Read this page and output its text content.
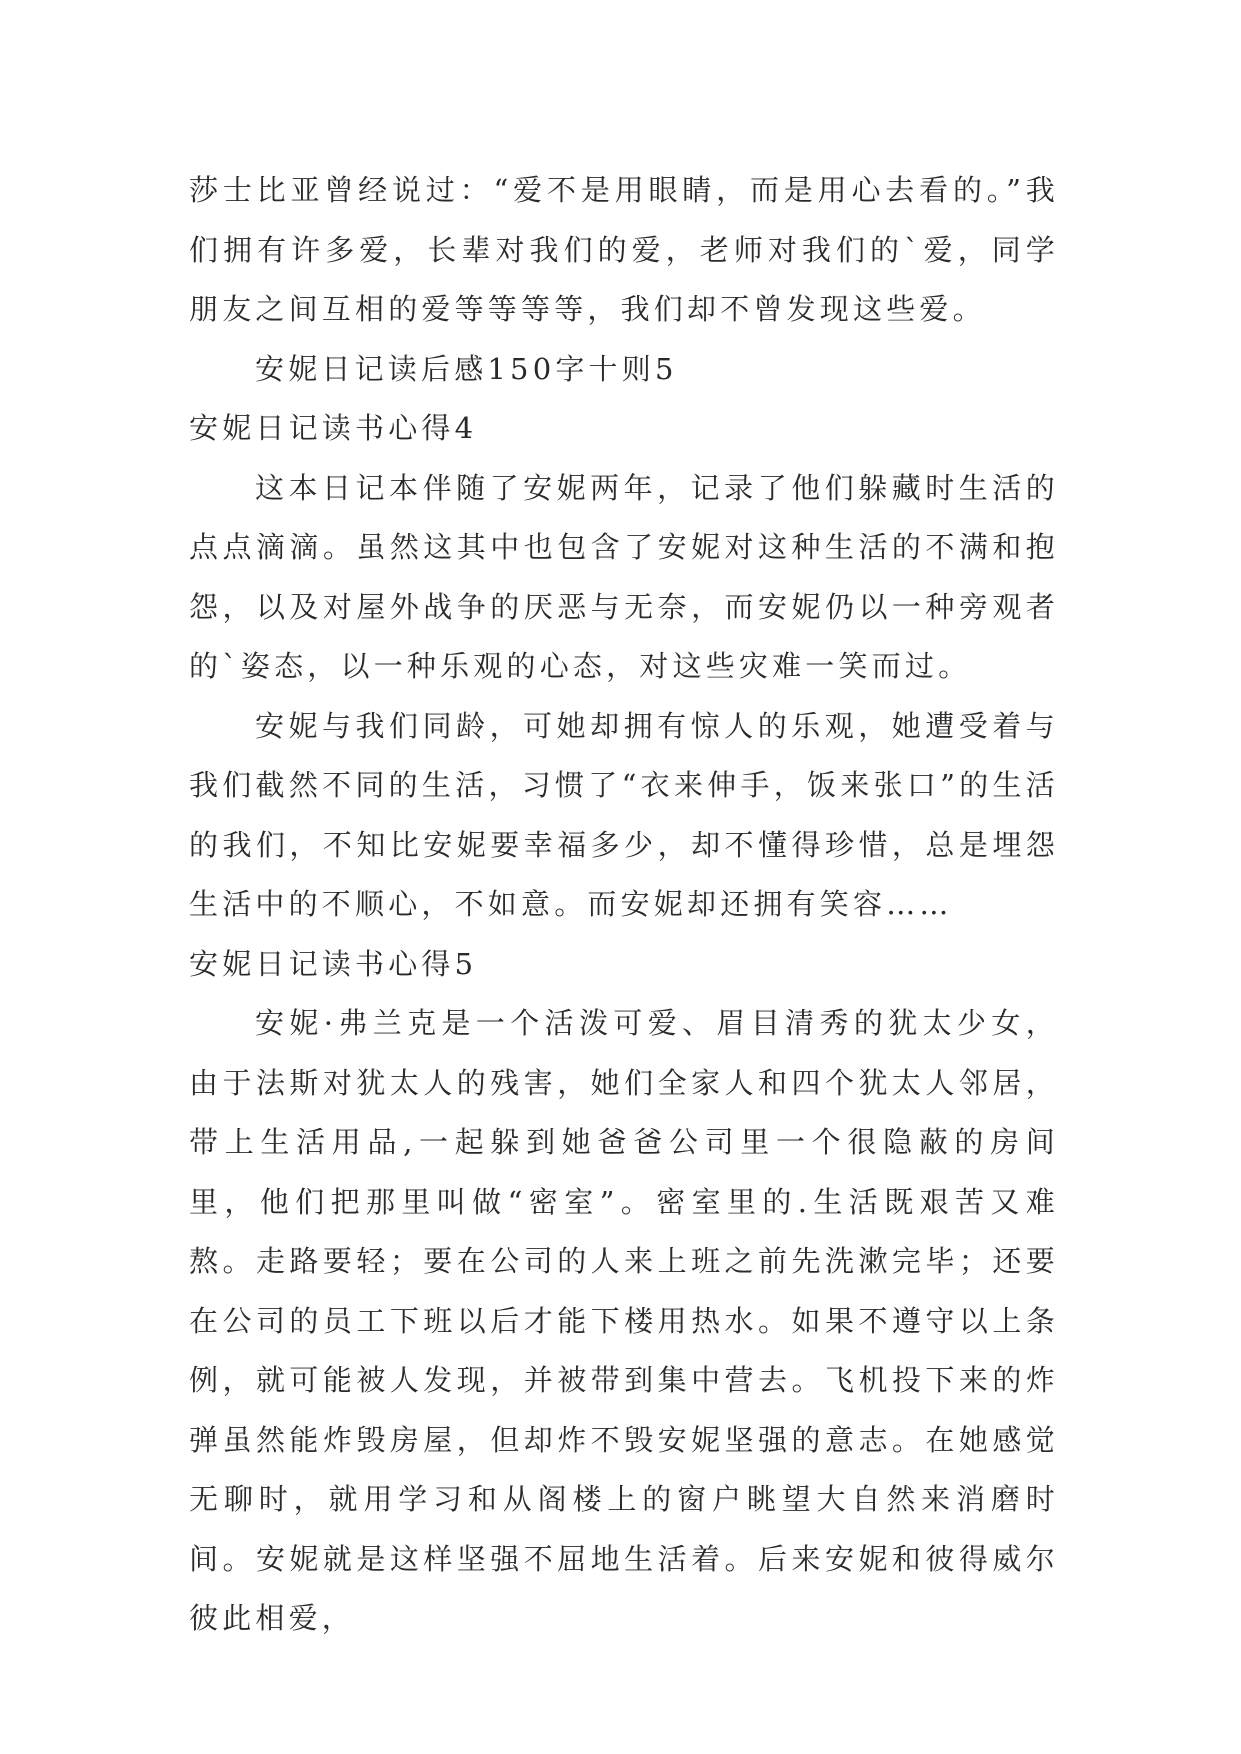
莎士比亚曾经说过：“爱不是用眼睛，而是用心去看的。”我们拥有许多爱，长辈对我们的爱，老师对我们的`爱，同学朋友之间互相的爱等等等等，我们却不曾发现这些爱。

安妮日记读后感150字十则5

安妮日记读书心得4

这本日记本伴随了安妮两年，记录了他们躲藏时生活的点点滴滴。虽然这其中也包含了安妮对这种生活的不满和抱怨，以及对屋外战争的厌恶与无奈，而安妮仍以一种旁观者的`姿态，以一种乐观的心态，对这些灾难一笑而过。

安妮与我们同龄，可她却拥有惊人的乐观，她遭受着与我们截然不同的生活，习惯了“衣来伸手，饭来张口”的生活的我们，不知比安妮要幸福多少，却不懂得珍惜，总是埋怨生活中的不顺心，不如意。而安妮却还拥有笑容……

安妮日记读书心得5

安妮·弗兰克是一个活泼可爱、眉目清秀的犹太少女，由于法斯对犹太人的残害，她们全家人和四个犹太人邻居，带上生活用品,一起躲到她爸爸公司里一个很隐蔽的房间里，他们把那里叫做“密室”。密室里的.生活既艰苦又难熬。走路要轻；要在公司的人来上班之前先洗漱完毕；还要在公司的员工下班以后才能下楼用热水。如果不遵守以上条例，就可能被人发现，并被带到集中营去。飞机投下来的炸弹虽然能炸毁房屋，但却炸不毁安妮坚强的意志。在她感觉无聊时，就用学习和从阁楼上的窗户眺望大自然来消磨时间。安妮就是这样坚强不屈地生活着。后来安妮和彼得威尔彼此相爱，
